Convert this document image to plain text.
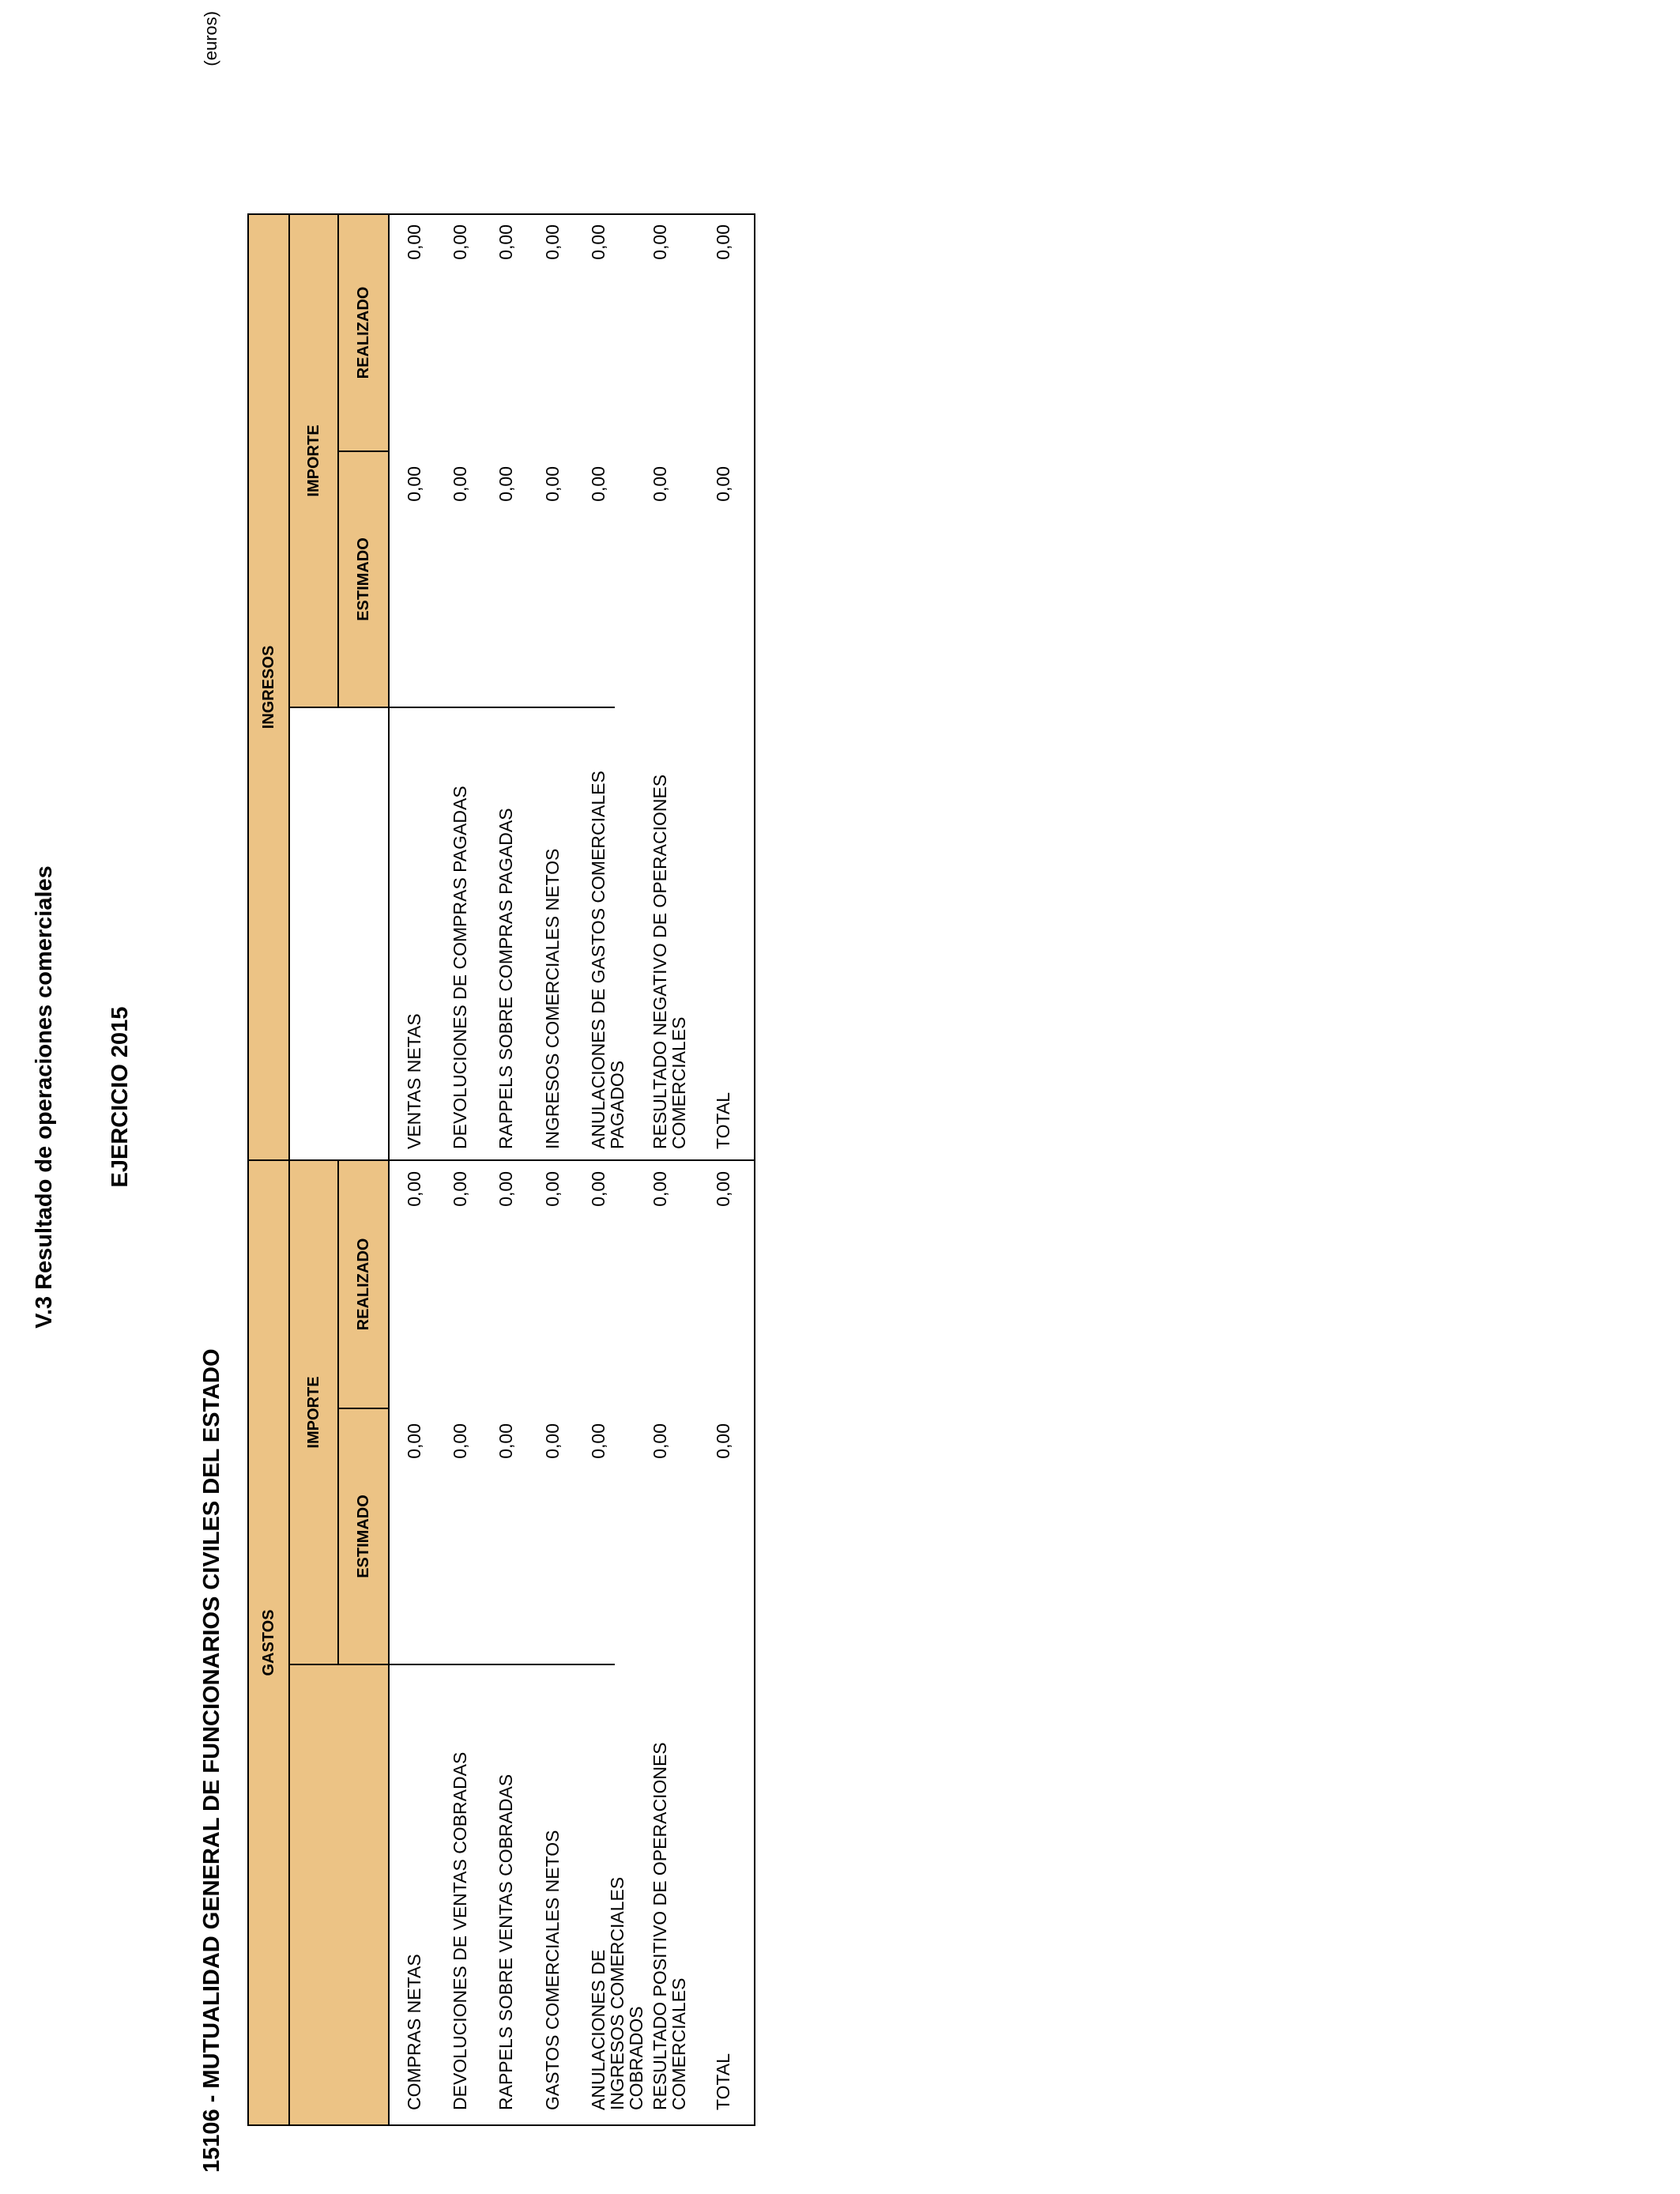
V.3 Resultado de operaciones comerciales EJERCICIO 2015
15106 - MUTUALIDAD GENERAL DE FUNCIONARIOS CIVILES DEL ESTADO
(euros)
GASTOS
INGRESOS
IMPORTE
ESTIMADO
REALIZADO
IMPORTE
ESTIMADO
REALIZADO
COMPRAS NETAS
0,00
0,00
DEVOLUCIONES DE VENTAS COBRADAS
0,00
0,00
RAPPELS SOBRE VENTAS COBRADAS
0,00
0,00
GASTOS COMERCIALES NETOS
0,00
0,00
ANULACIONES DE INGRESOS COMERCIALES COBRADOS
0,00
0,00
RESULTADO POSITIVO DE OPERACIONES COMERCIALES
0,00
0,00
TOTAL
0,00
0,00
VENTAS NETAS
0,00
0,00
DEVOLUCIONES DE COMPRAS PAGADAS
0,00
0,00
RAPPELS SOBRE COMPRAS PAGADAS
0,00
0,00
INGRESOS COMERCIALES NETOS
0,00
0,00
ANULACIONES DE GASTOS COMERCIALES PAGADOS
0,00
0,00
RESULTADO NEGATIVO DE OPERACIONES COMERCIALES
0,00
0,00
TOTAL
0,00
0,00
